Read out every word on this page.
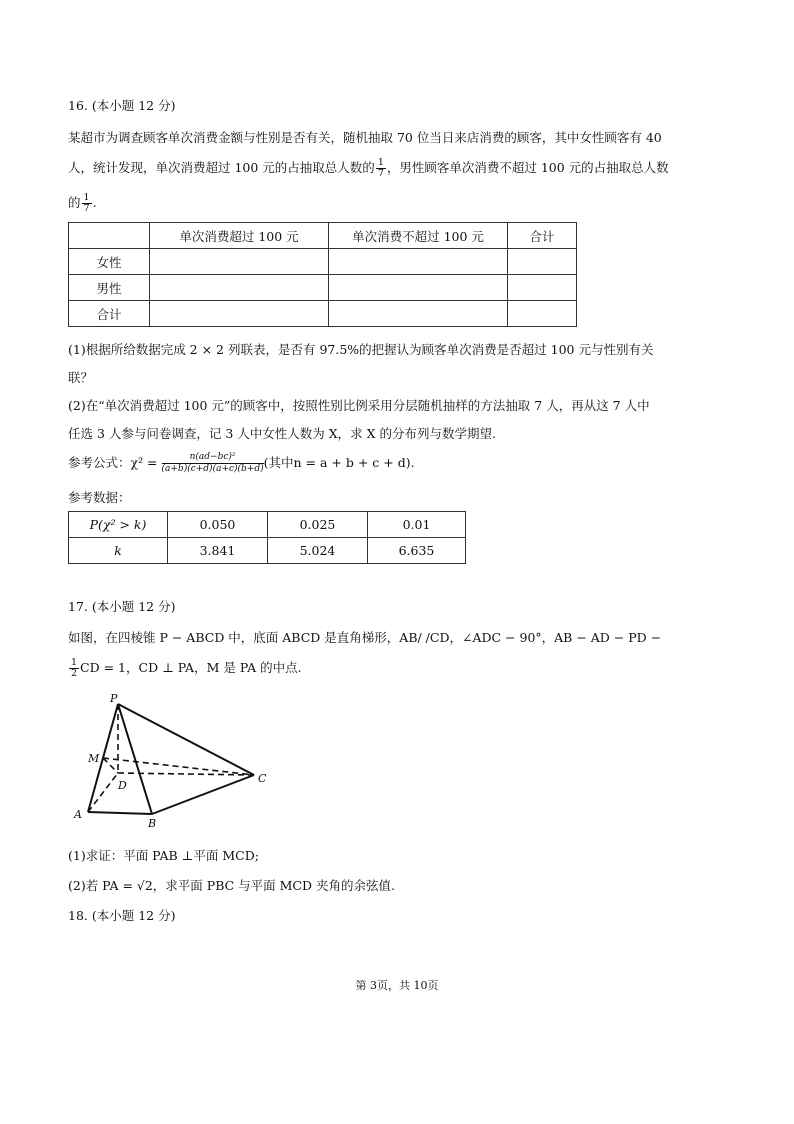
16. (本小题 12 分)
某超市为调查顾客单次消费金额与性别是否有关，随机抽取 70 位当日来店消费的顾客，其中女性顾客有 40
人，统计发现，单次消费超过 100 元的占抽取总人数的 $\frac{1}{7}$ ，男性顾客单次消费不超过 100 元的占抽取总人数
的 $\frac{1}{7}$ .
	单次消费超过 100 元	单次消费不超过 100 元	合计
女性			
男性			
合计			
(1)根据所给数据完成 2 × 2 列联表，是否有 97.5%的把握认为顾客单次消费是否超过 100 元与性别有关
联？
(2)在“单次消费超过 100 元”的顾客中，按照性别比例采用分层随机抽样的方法抽取 7 人，再从这 7 人中
任选 3 人参与问卷调查，记 3 人中女性人数为 X，求 X 的分布列与数学期望.
参考公式：$\chi^2 = \frac{\text{n(ad−bc)²}}{(a+b)(c+d)(a+c)(b+d)}$ (其中n = a + b + c + d).
参考数据：
P(χ² > k)	0.050	0.025	0.01
k	3.841	5.024	6.635
17. (本小题 12 分)
如图，在四棱锥 P − ABCD 中，底面 ABCD 是直角梯形，AB/ /CD，∠ADC − 90°，AB − AD − PD −
$\frac{1}{2}$ CD = 1，CD ⊥ PA，M 是 PA 的中点.
P
M
D
C
A
B
(1)求证：平面 PAB ⊥平面 MCD;
(2)若 PA = √2，求平面 PBC 与平面 MCD 夹角的余弦值.
18. (本小题 12 分)
第 3页，共 10页
